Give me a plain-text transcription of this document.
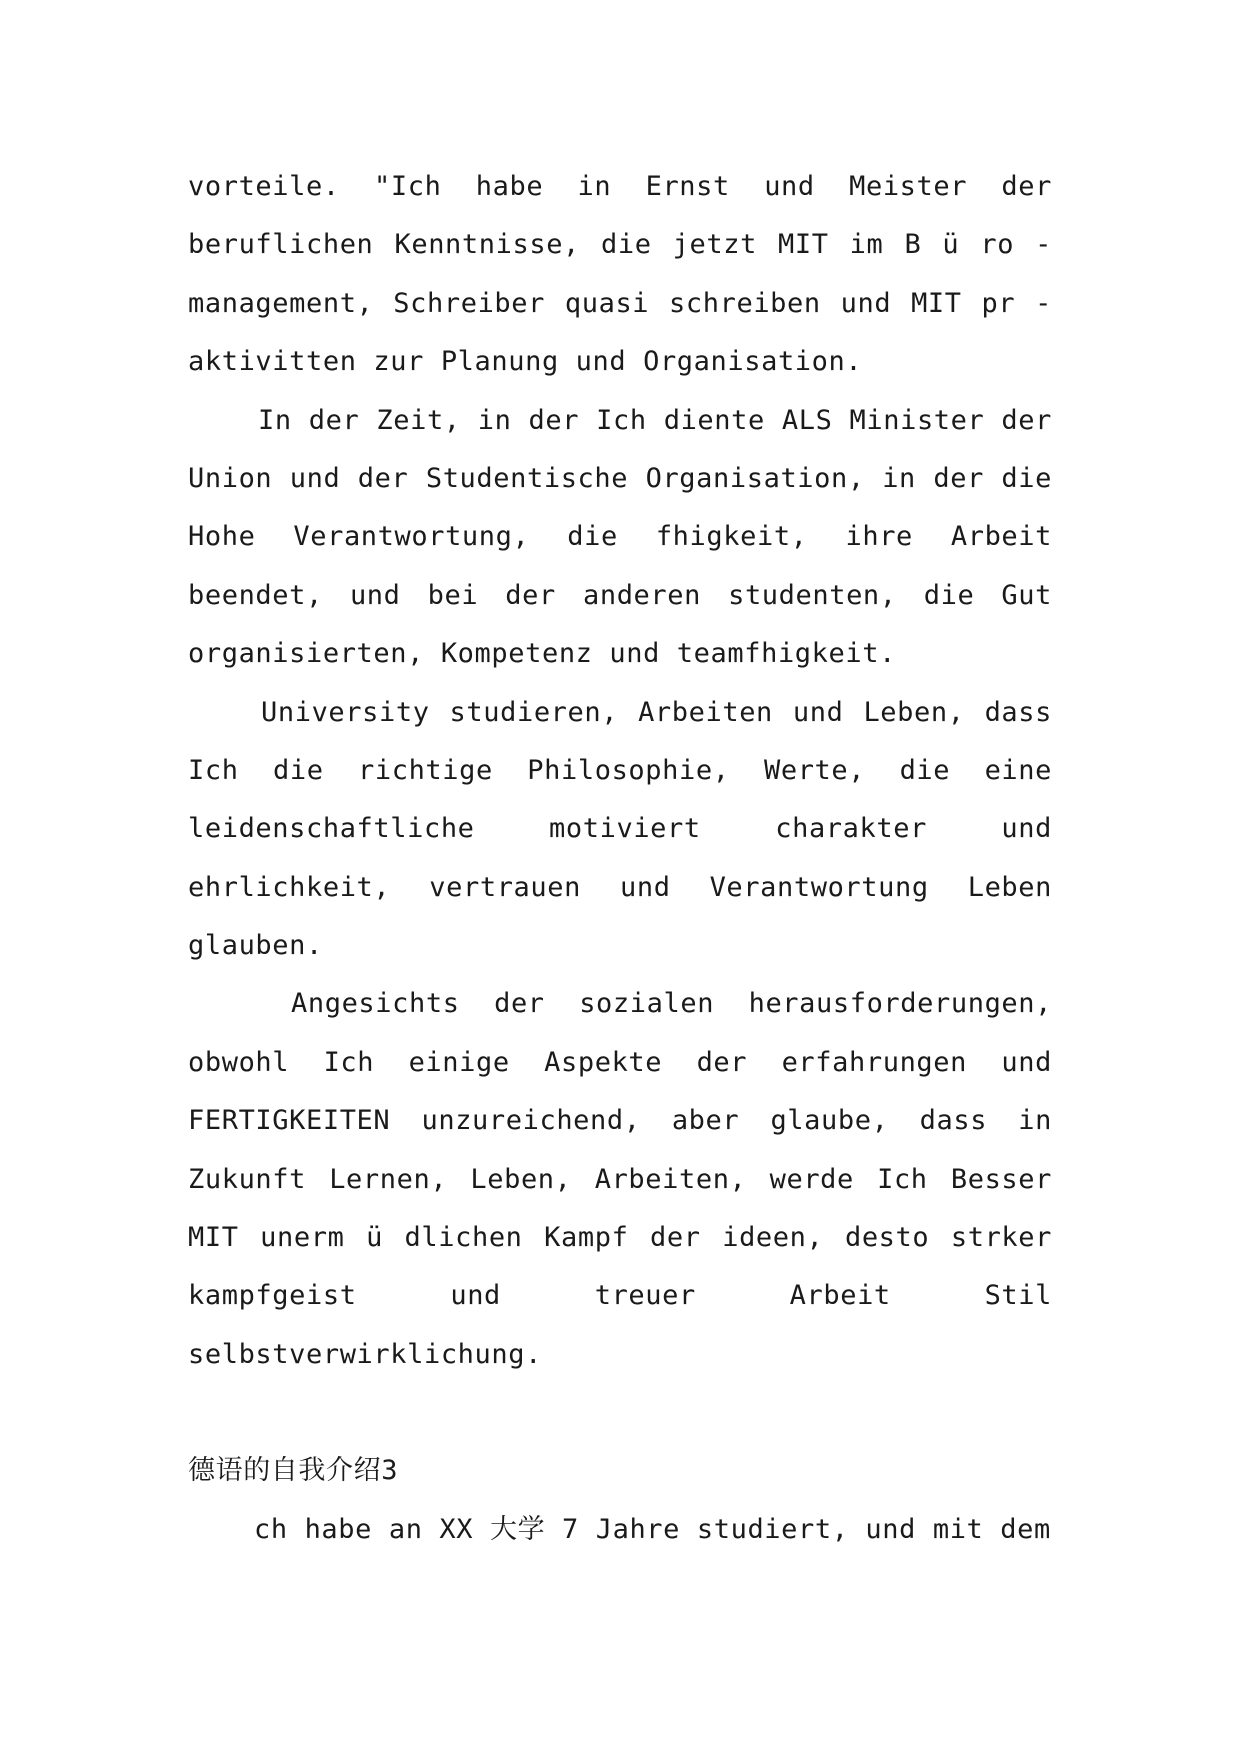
vorteile. "Ich habe in Ernst und Meister der
beruflichen Kenntnisse, die jetzt MIT im B ü ro -
management, Schreiber quasi schreiben und MIT pr -
aktivitten zur Planung und Organisation.
In der Zeit, in der Ich diente ALS Minister der
Union und der Studentische Organisation, in der die
Hohe Verantwortung, die fhigkeit, ihre Arbeit
beendet, und bei der anderen studenten, die Gut
organisierten, Kompetenz und teamfhigkeit.
University studieren, Arbeiten und Leben, dass
Ich die richtige Philosophie, Werte, die eine
leidenschaftliche motiviert charakter und
ehrlichkeit, vertrauen und Verantwortung Leben
glauben.
Angesichts der sozialen herausforderungen,
obwohl Ich einige Aspekte der erfahrungen und
FERTIGKEITEN unzureichend, aber glaube, dass in
Zukunft Lernen, Leben, Arbeiten, werde Ich Besser
MIT unerm ü dlichen Kampf der ideen, desto strker
kampfgeist und treuer Arbeit Stil
selbstverwirklichung.
德语的自我介绍3
ch habe an XX 大学 7 Jahre studiert, und mit dem
